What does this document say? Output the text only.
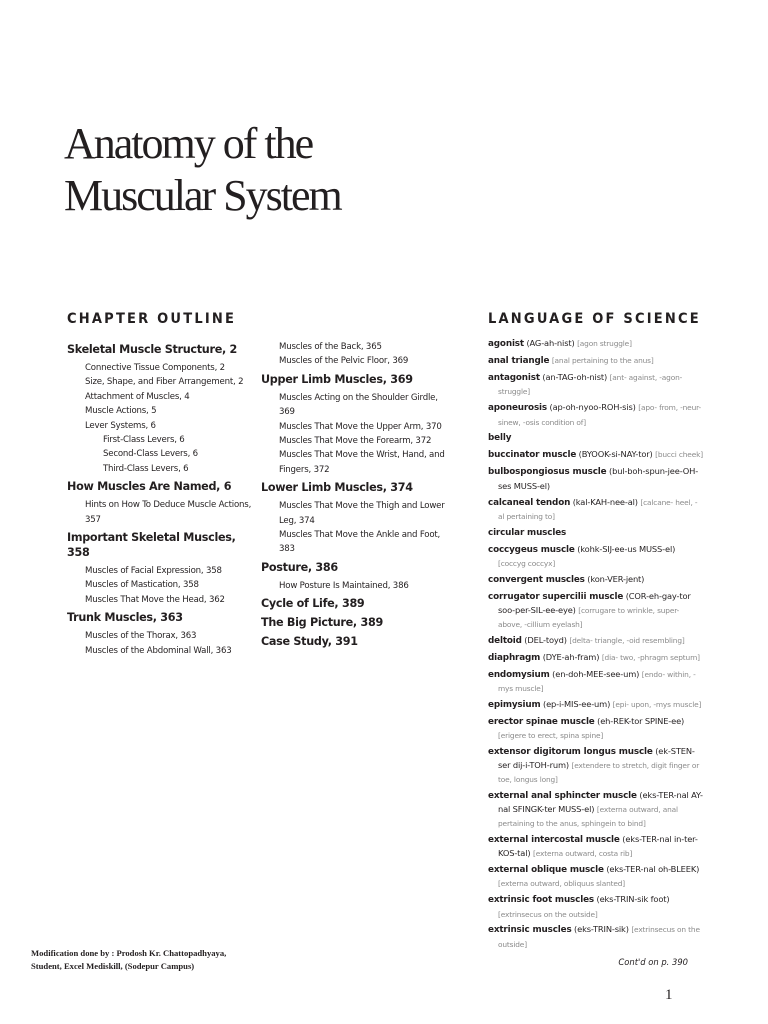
Anatomy of the
Muscular System
CHAPTER OUTLINE	LANGUAGE OF SCIENCE
Skeletal Muscle Structure, 2
Connective Tissue Components, 2
Size, Shape, and Fiber Arrangement, 2
Attachment of Muscles, 4
Muscle Actions, 5
Lever Systems, 6
First-Class Levers, 6
Second-Class Levers, 6
Third-Class Levers, 6
How Muscles Are Named, 6
Hints on How To Deduce Muscle Actions, 357
Important Skeletal Muscles, 358
Muscles of Facial Expression, 358
Muscles of Mastication, 358
Muscles That Move the Head, 362
Trunk Muscles, 363
Muscles of the Thorax, 363
Muscles of the Abdominal Wall, 363
Muscles of the Back, 365
Muscles of the Pelvic Floor, 369
Upper Limb Muscles, 369
Muscles Acting on the Shoulder Girdle, 369
Muscles That Move the Upper Arm, 370
Muscles That Move the Forearm, 372
Muscles That Move the Wrist, Hand, and Fingers, 372
Lower Limb Muscles, 374
Muscles That Move the Thigh and Lower Leg, 374
Muscles That Move the Ankle and Foot, 383
Posture, 386
How Posture Is Maintained, 386
Cycle of Life, 389
The Big Picture, 389
Case Study, 391
agonist (AG-ah-nist) [agon struggle]
anal triangle [anal pertaining to the anus]
antagonist (an-TAG-oh-nist) [ant- against, -agon- struggle]
aponeurosis (ap-oh-nyoo-ROH-sis) [apo- from, -neur- sinew, -osis condition of]
belly
buccinator muscle (BYOOK-si-NAY-tor) [bucci cheek]
bulbospongiosus muscle (bul-boh-spun-jee-OH-ses MUSS-el)
calcaneal tendon (kal-KAH-nee-al) [calcane- heel, -al pertaining to]
circular muscles
coccygeus muscle (kohk-SIJ-ee-us MUSS-el) [coccyg coccyx]
convergent muscles (kon-VER-jent)
corrugator supercilii muscle (COR-eh-gay-tor soo-per-SIL-ee-eye) [corrugare to wrinkle, super- above, -cillium eyelash]
deltoid (DEL-toyd) [delta- triangle, -oid resembling]
diaphragm (DYE-ah-fram) [dia- two, -phragm septum]
endomysium (en-doh-MEE-see-um) [endo- within, -mys muscle]
epimysium (ep-i-MIS-ee-um) [epi- upon, -mys muscle]
erector spinae muscle (eh-REK-tor SPINE-ee) [erigere to erect, spina spine]
extensor digitorum longus muscle (ek-STEN-ser dij-i-TOH-rum) [extendere to stretch, digit finger or toe, longus long]
external anal sphincter muscle (eks-TER-nal AY-nal SFINGK-ter MUSS-el) [externa outward, anal pertaining to the anus, sphingein to bind]
external intercostal muscle (eks-TER-nal in-ter-KOS-tal) [externa outward, costa rib]
external oblique muscle (eks-TER-nal oh-BLEEK) [externa outward, obliquus slanted]
extrinsic foot muscles (eks-TRIN-sik foot) [extrinsecus on the outside]
extrinsic muscles (eks-TRIN-sik) [extrinsecus on the outside]
Cont'd on p. 390
Modification done by : Prodosh Kr. Chattopadhyaya,
Student, Excel Mediskill, (Sodepur Campus)
1
